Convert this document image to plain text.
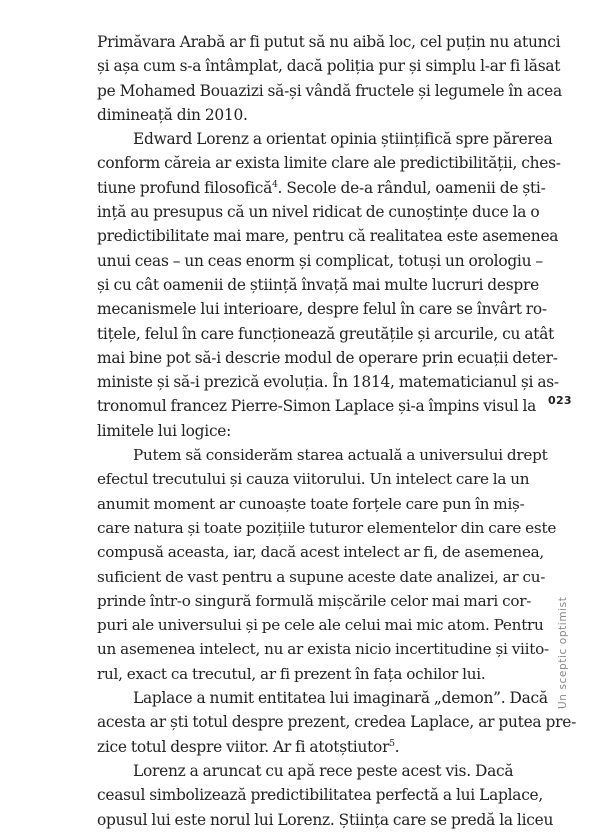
Primăvara Arabă ar fi putut să nu aibă loc, cel puțin nu atunci
și așa cum s-a întâmplat, dacă poliția pur și simplu l-ar fi lăsat
pe Mohamed Bouazizi să-și vândă fructele și legumele în acea
dimineață din 2010.
Edward Lorenz a orientat opinia științifică spre părerea
conform căreia ar exista limite clare ale predictibilității, ches-
tiune profund filosofică$^4$. Secole de-a rândul, oamenii de ști-
ință au presupus că un nivel ridicat de cunoștințe duce la o
predictibilitate mai mare, pentru că realitatea este asemenea
unui ceas – un ceas enorm și complicat, totuși un orologiu –
și cu cât oamenii de știință învață mai multe lucruri despre
mecanismele lui interioare, despre felul în care se învârt ro-
tițele, felul în care funcționează greutățile și arcurile, cu atât
mai bine pot să-i descrie modul de operare prin ecuații deter-
ministe și să-i prezică evoluția. În 1814, matematicianul și as-
tronomul francez Pierre-Simon Laplace și-a împins visul la
limitele lui logice:
Putem să considerăm starea actuală a universului drept
efectul trecutului și cauza viitorului. Un intelect care la un
anumit moment ar cunoaște toate forțele care pun în miș-
care natura și toate pozițiile tuturor elementelor din care este
compusă aceasta, iar, dacă acest intelect ar fi, de asemenea,
suficient de vast pentru a supune aceste date analizei, ar cu-
prinde într-o singură formulă mișcările celor mai mari cor-
puri ale universului și pe cele ale celui mai mic atom. Pentru
un asemenea intelect, nu ar exista nicio incertitudine și viito-
rul, exact ca trecutul, ar fi prezent în fața ochilor lui.
Laplace a numit entitatea lui imaginară „demon”. Dacă
acesta ar ști totul despre prezent, credea Laplace, ar putea pre-
zice totul despre viitor. Ar fi atotștiutor$^5$.
Lorenz a aruncat cu apă rece peste acest vis. Dacă
ceasul simbolizează predictibilitatea perfectă a lui Laplace,
opusul lui este norul lui Lorenz. Știința care se predă la liceu
023
Un sceptic optimist
